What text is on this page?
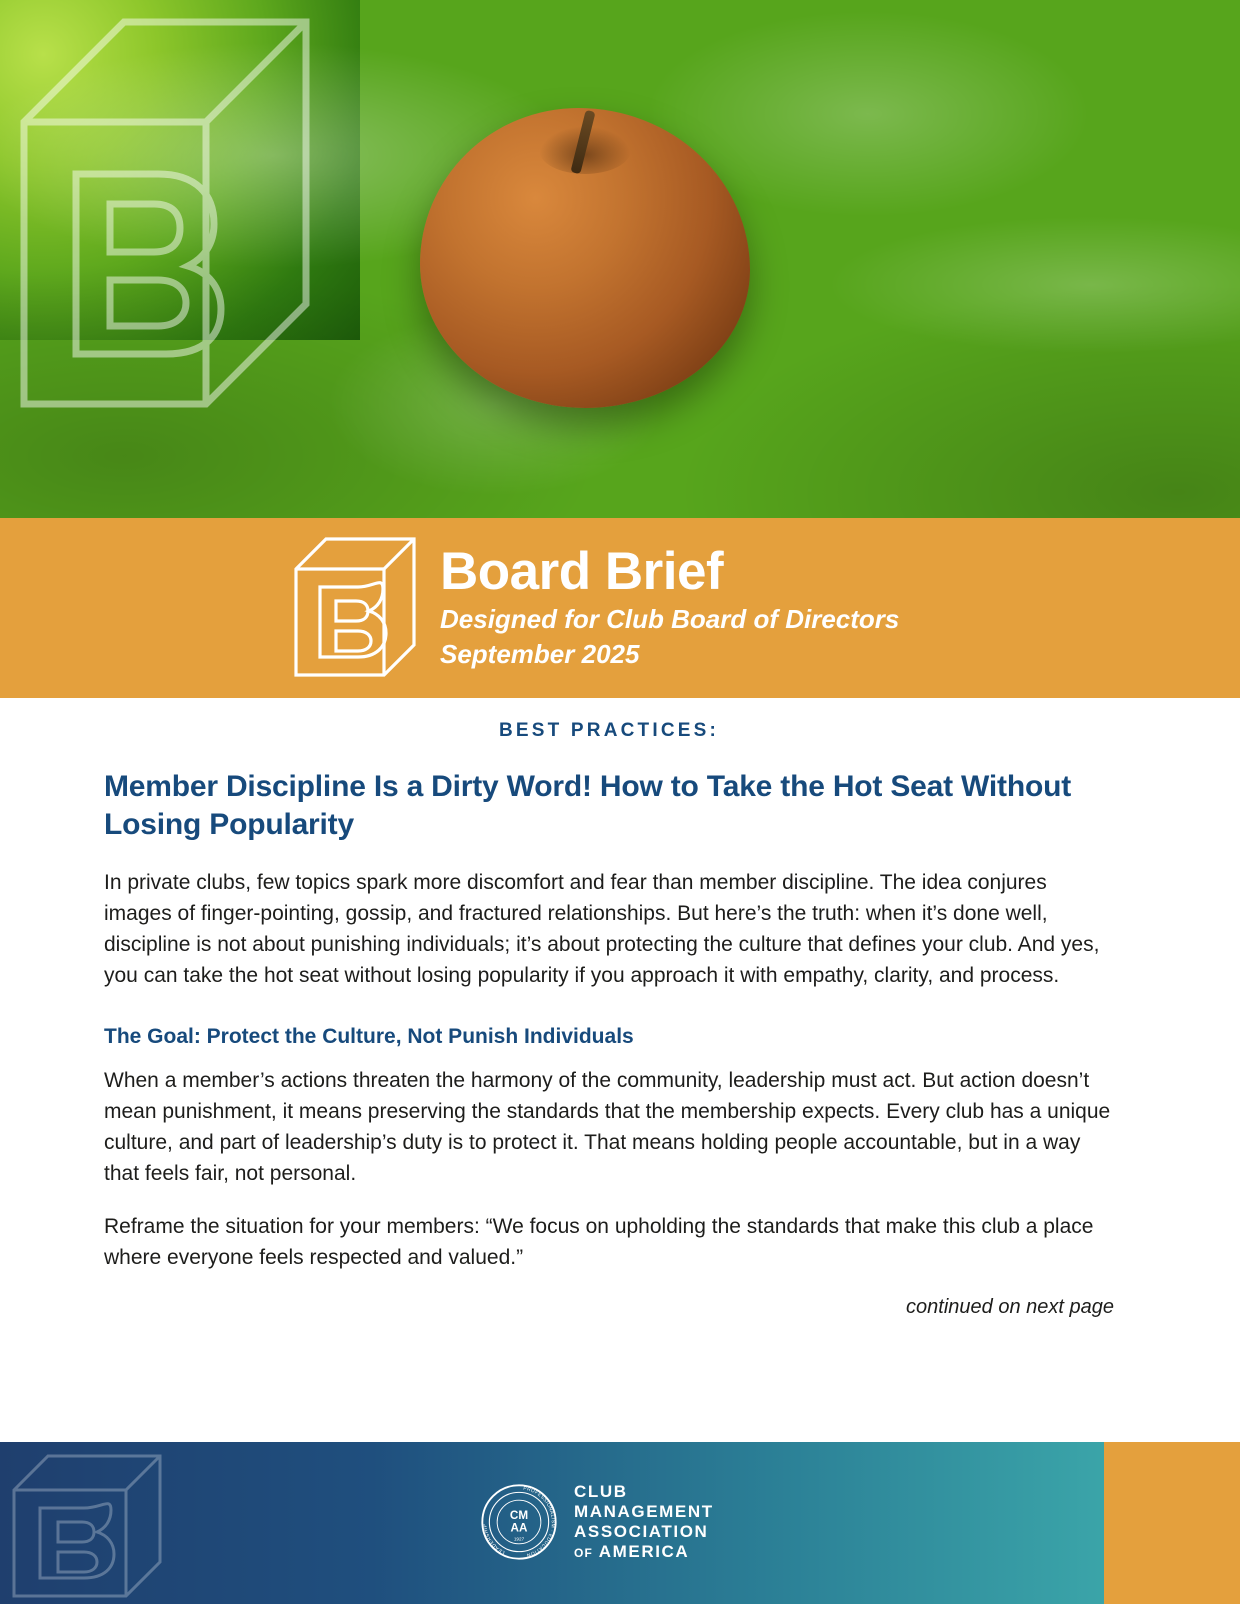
Board Brief
Designed for Club Board of Directors
September 2025
BEST PRACTICES:
Member Discipline Is a Dirty Word! How to Take the Hot Seat Without Losing Popularity

In private clubs, few topics spark more discomfort and fear than member discipline. The idea conjures images of finger-pointing, gossip, and fractured relationships. But here’s the truth: when it’s done well, discipline is not about punishing individuals; it’s about protecting the culture that defines your club. And yes, you can take the hot seat without losing popularity if you approach it with empathy, clarity, and process.

The Goal: Protect the Culture, Not Punish Individuals

When a member’s actions threaten the harmony of the community, leadership must act. But action doesn’t mean punishment, it means preserving the standards that the membership expects. Every club has a unique culture, and part of leadership’s duty is to protect it. That means holding people accountable, but in a way that feels fair, not personal.

Reframe the situation for your members: “We focus on upholding the standards that make this club a place where everyone feels respected and valued.”

continued on next page
CM
AA
1927
PROFESSIONALISM · EDUCATION
LEADERSHIP
CLUB
MANAGEMENT
ASSOCIATION
OF AMERICA
